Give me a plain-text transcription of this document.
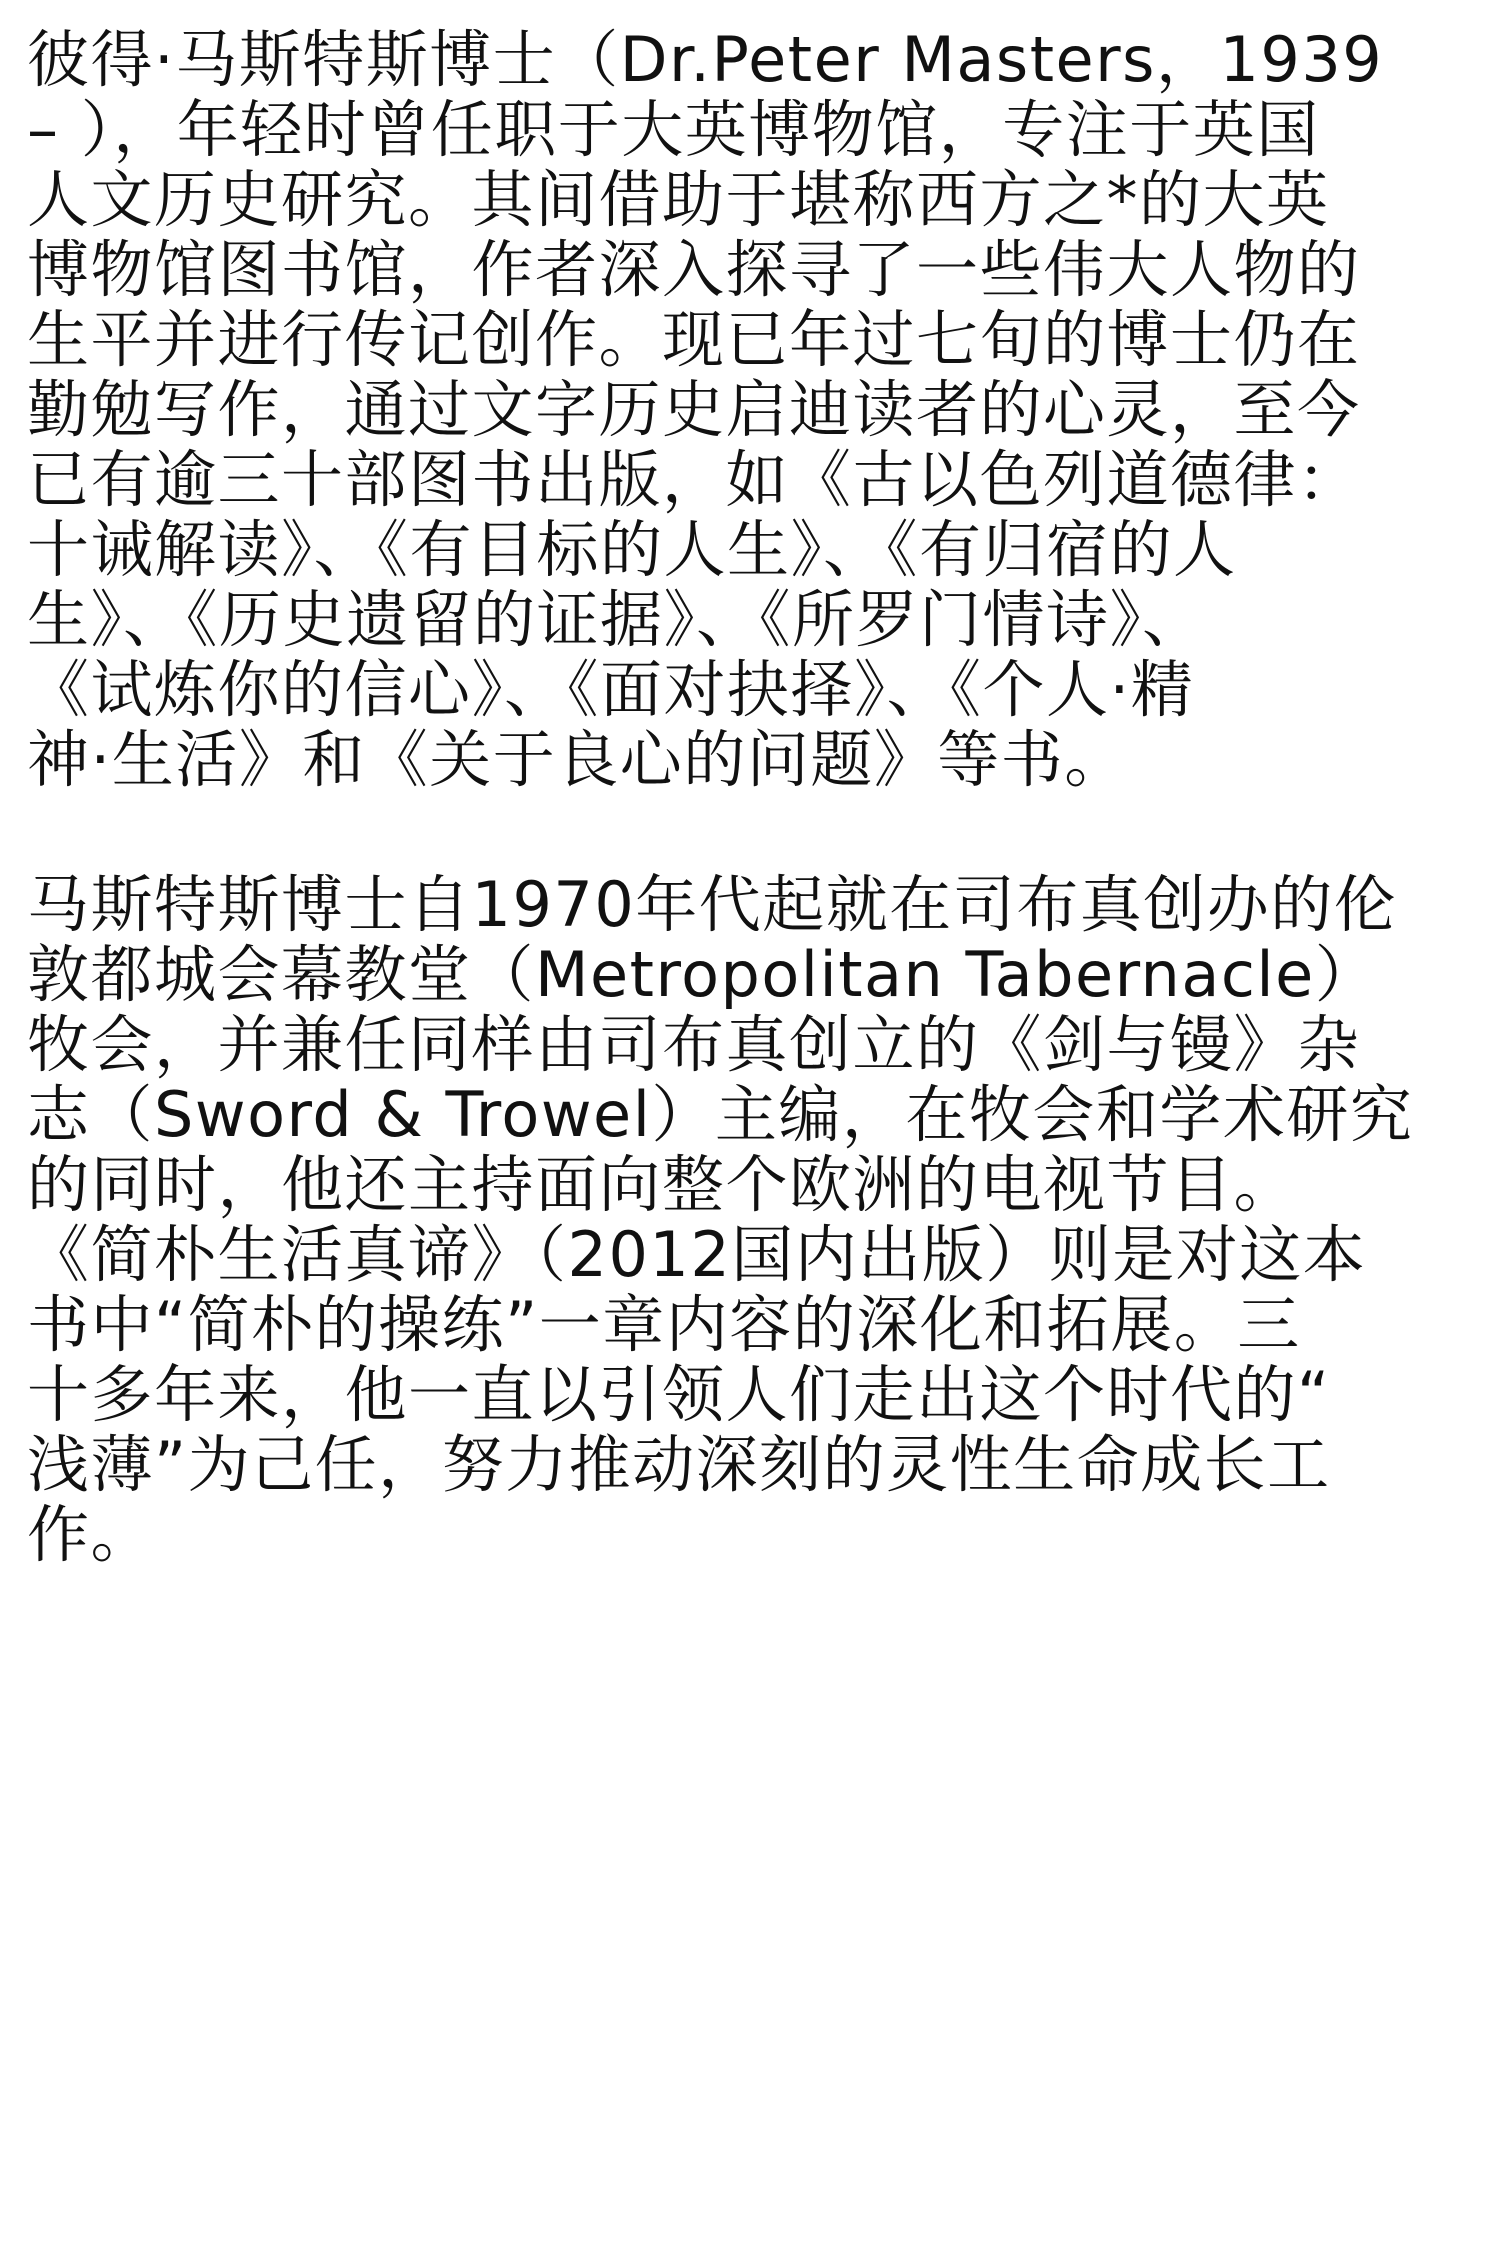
彼得·马斯特斯博士（Dr.Peter Masters，1939
– ），年轻时曾任职于大英博物馆，专注于英国
人文历史研究。其间借助于堪称西方之*的大英
博物馆图书馆，作者深入探寻了一些伟大人物的
生平并进行传记创作。现已年过七旬的博士仍在
勤勉写作，通过文字历史启迪读者的心灵，至今
已有逾三十部图书出版，如《古以色列道德律：
十诫解读》、《有目标的人生》、《有归宿的人
生》、《历史遗留的证据》、《所罗门情诗》、
《试炼你的信心》、《面对抉择》、《个人·精
神·生活》和《关于良心的问题》等书。
马斯特斯博士自1970年代起就在司布真创办的伦
敦都城会幕教堂（Metropolitan Tabernacle）
牧会，并兼任同样由司布真创立的《剑与镘》杂
志（Sword & Trowel）主编，在牧会和学术研究
的同时，他还主持面向整个欧洲的电视节目。
《简朴生活真谛》（2012国内出版）则是对这本
书中“简朴的操练”一章内容的深化和拓展。三
十多年来，他一直以引领人们走出这个时代的“
浅薄”为己任，努力推动深刻的灵性生命成长工
作。
